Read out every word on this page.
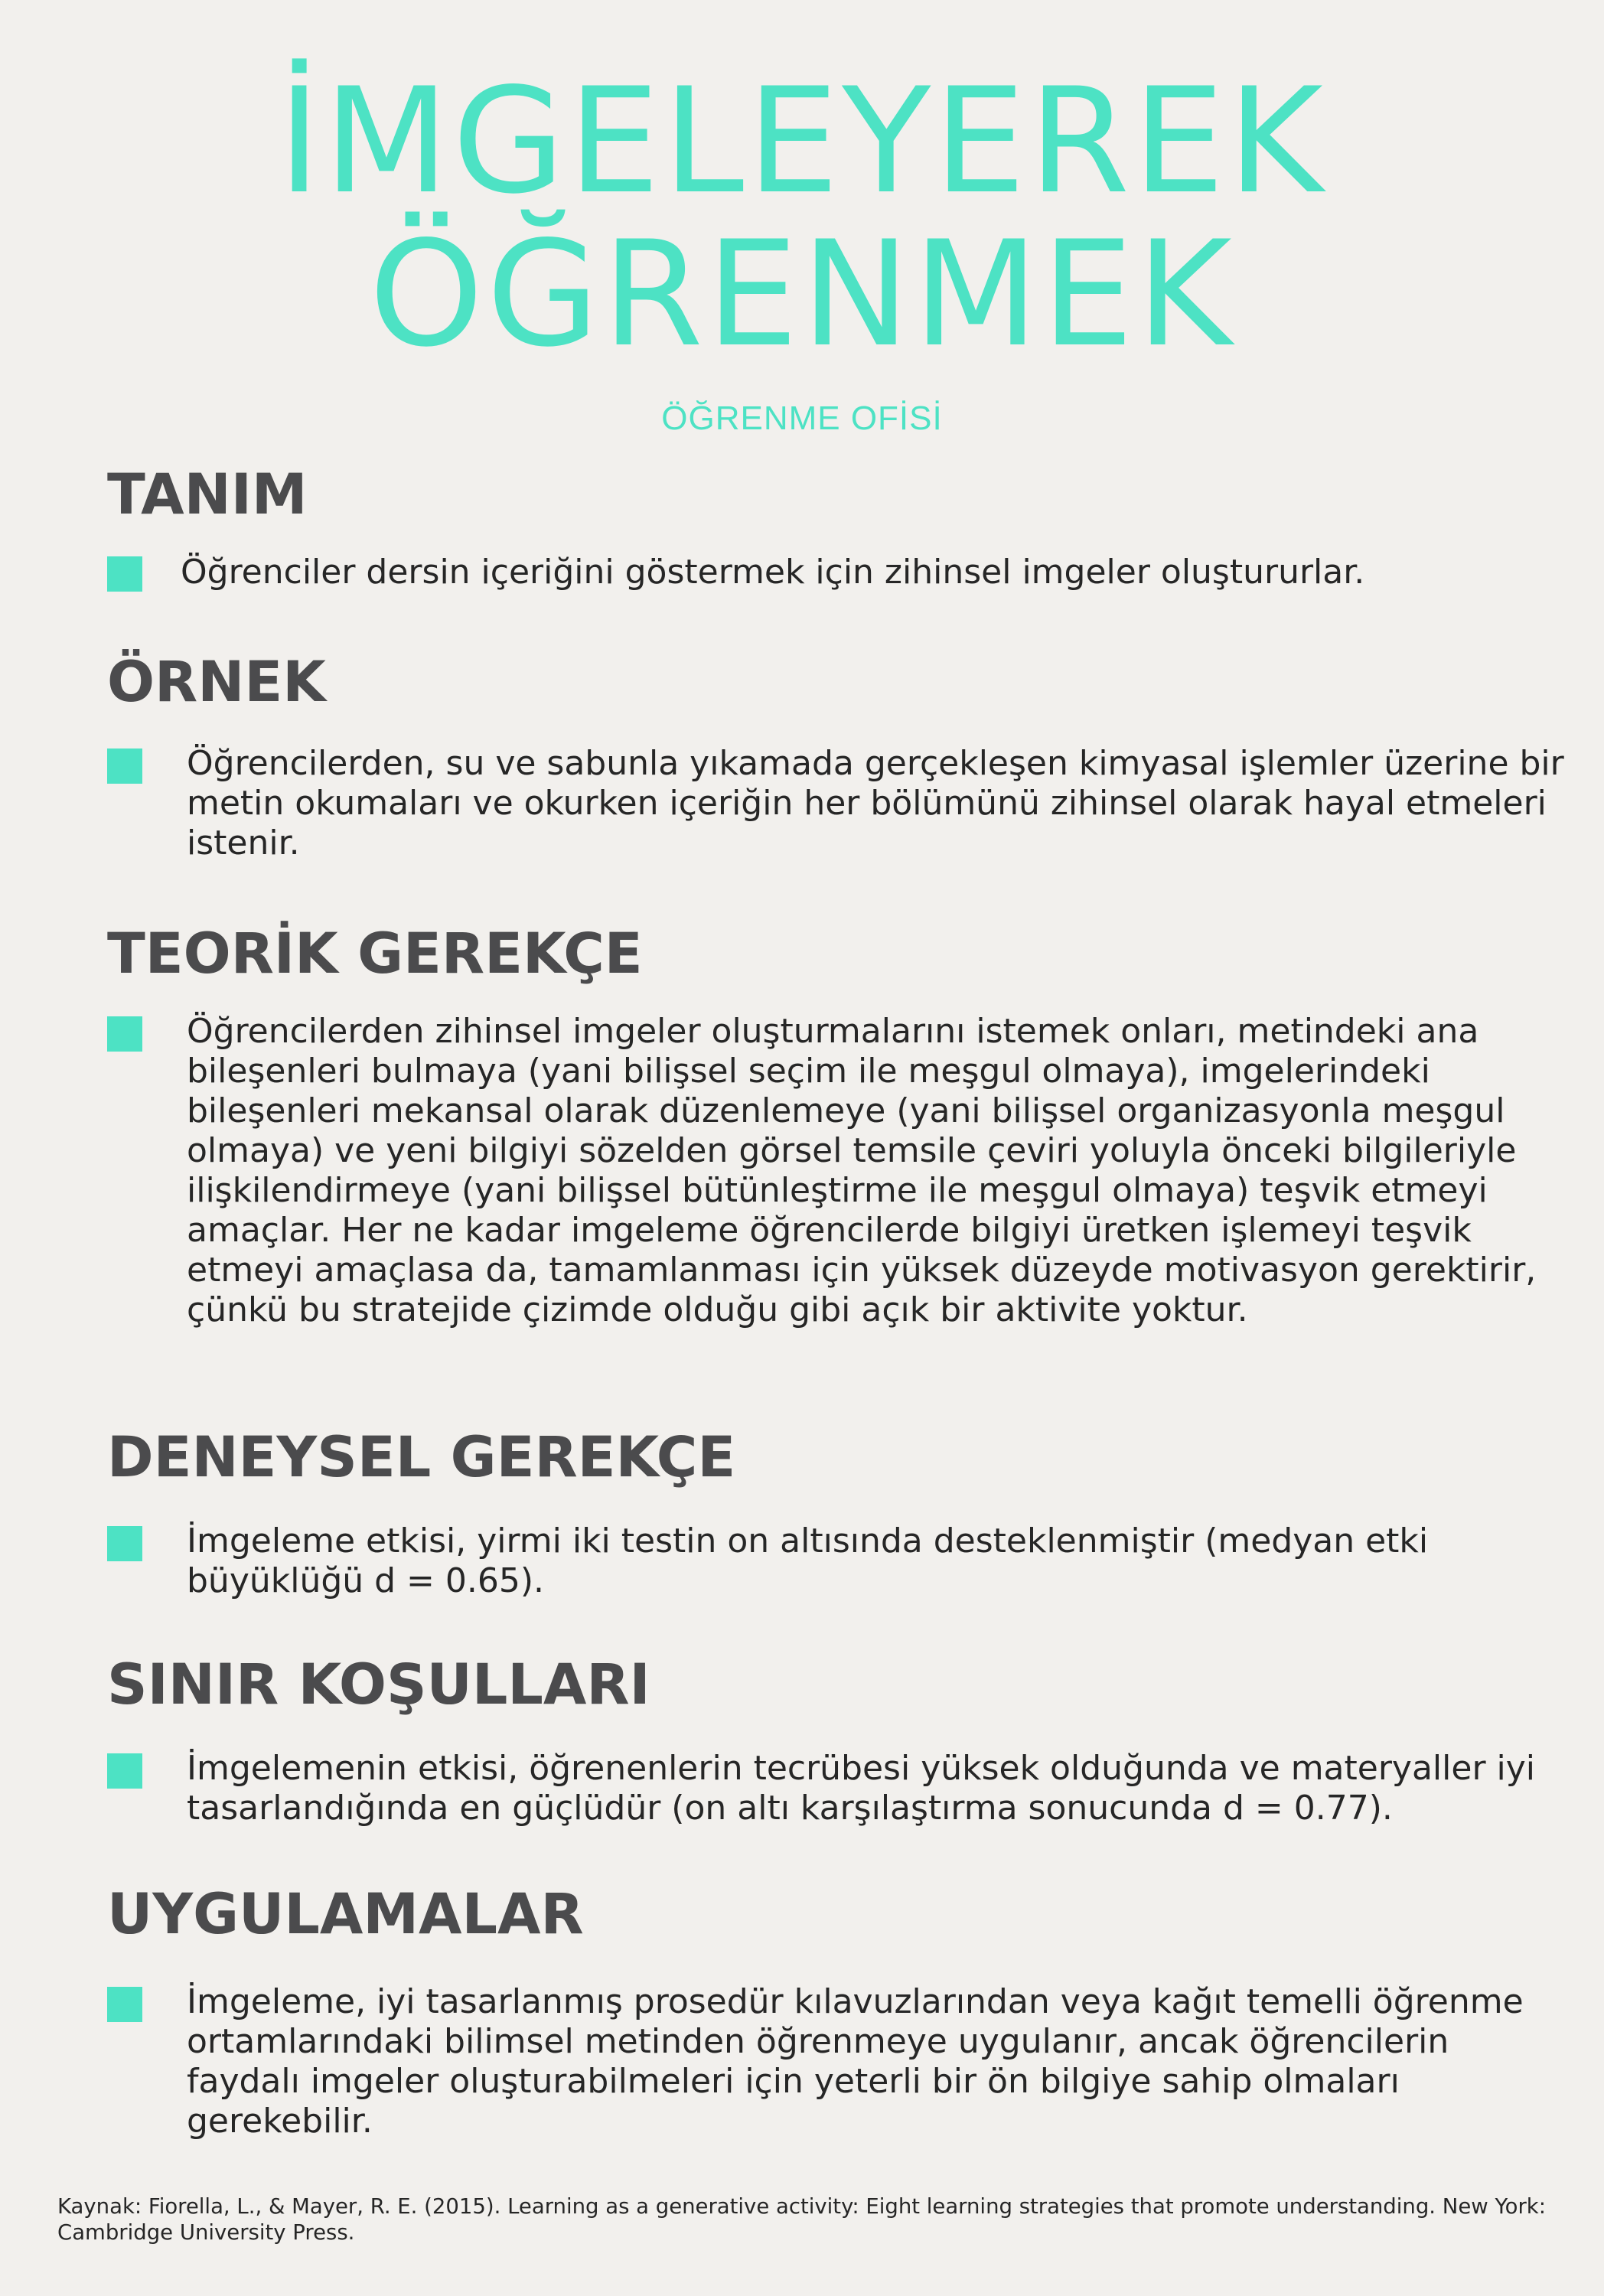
İMGELEYEREK
ÖĞRENMEK
ÖĞRENME OFİSİ
TANIM

Öğrenciler dersin içeriğini göstermek için zihinsel imgeler oluştururlar.

ÖRNEK

Öğrencilerden, su ve sabunla yıkamada gerçekleşen kimyasal işlemler üzerine bir metin okumaları ve okurken içeriğin her bölümünü zihinsel olarak hayal etmeleri istenir.

TEORİK GEREKÇE

Öğrencilerden zihinsel imgeler oluşturmalarını istemek onları, metindeki ana bileşenleri bulmaya (yani bilişsel seçim ile meşgul olmaya), imgelerindeki bileşenleri mekansal olarak düzenlemeye (yani bilişsel organizasyonla meşgul olmaya) ve yeni bilgiyi sözelden görsel temsile çeviri yoluyla önceki bilgileriyle ilişkilendirmeye (yani bilişsel bütünleştirme ile meşgul olmaya) teşvik etmeyi amaçlar. Her ne kadar imgeleme öğrencilerde bilgiyi üretken işlemeyi teşvik etmeyi amaçlasa da, tamamlanması için yüksek düzeyde motivasyon gerektirir, çünkü bu stratejide çizimde olduğu gibi açık bir aktivite yoktur.

DENEYSEL GEREKÇE

İmgeleme etkisi, yirmi iki testin on altısında desteklenmiştir (medyan etki büyüklüğü d = 0.65).

SINIR KOŞULLARI

İmgelemenin etkisi, öğrenenlerin tecrübesi yüksek olduğunda ve materyaller iyi tasarlandığında en güçlüdür (on altı karşılaştırma sonucunda d = 0.77).

UYGULAMALAR

İmgeleme, iyi tasarlanmış prosedür kılavuzlarından veya kağıt temelli öğrenme ortamlarındaki bilimsel metinden öğrenmeye uygulanır, ancak öğrencilerin faydalı imgeler oluşturabilmeleri için yeterli bir ön bilgiye sahip olmaları gerekebilir.

Kaynak: Fiorella, L., & Mayer, R. E. (2015). Learning as a generative activity: Eight learning strategies that promote understanding. New York: Cambridge University Press.
